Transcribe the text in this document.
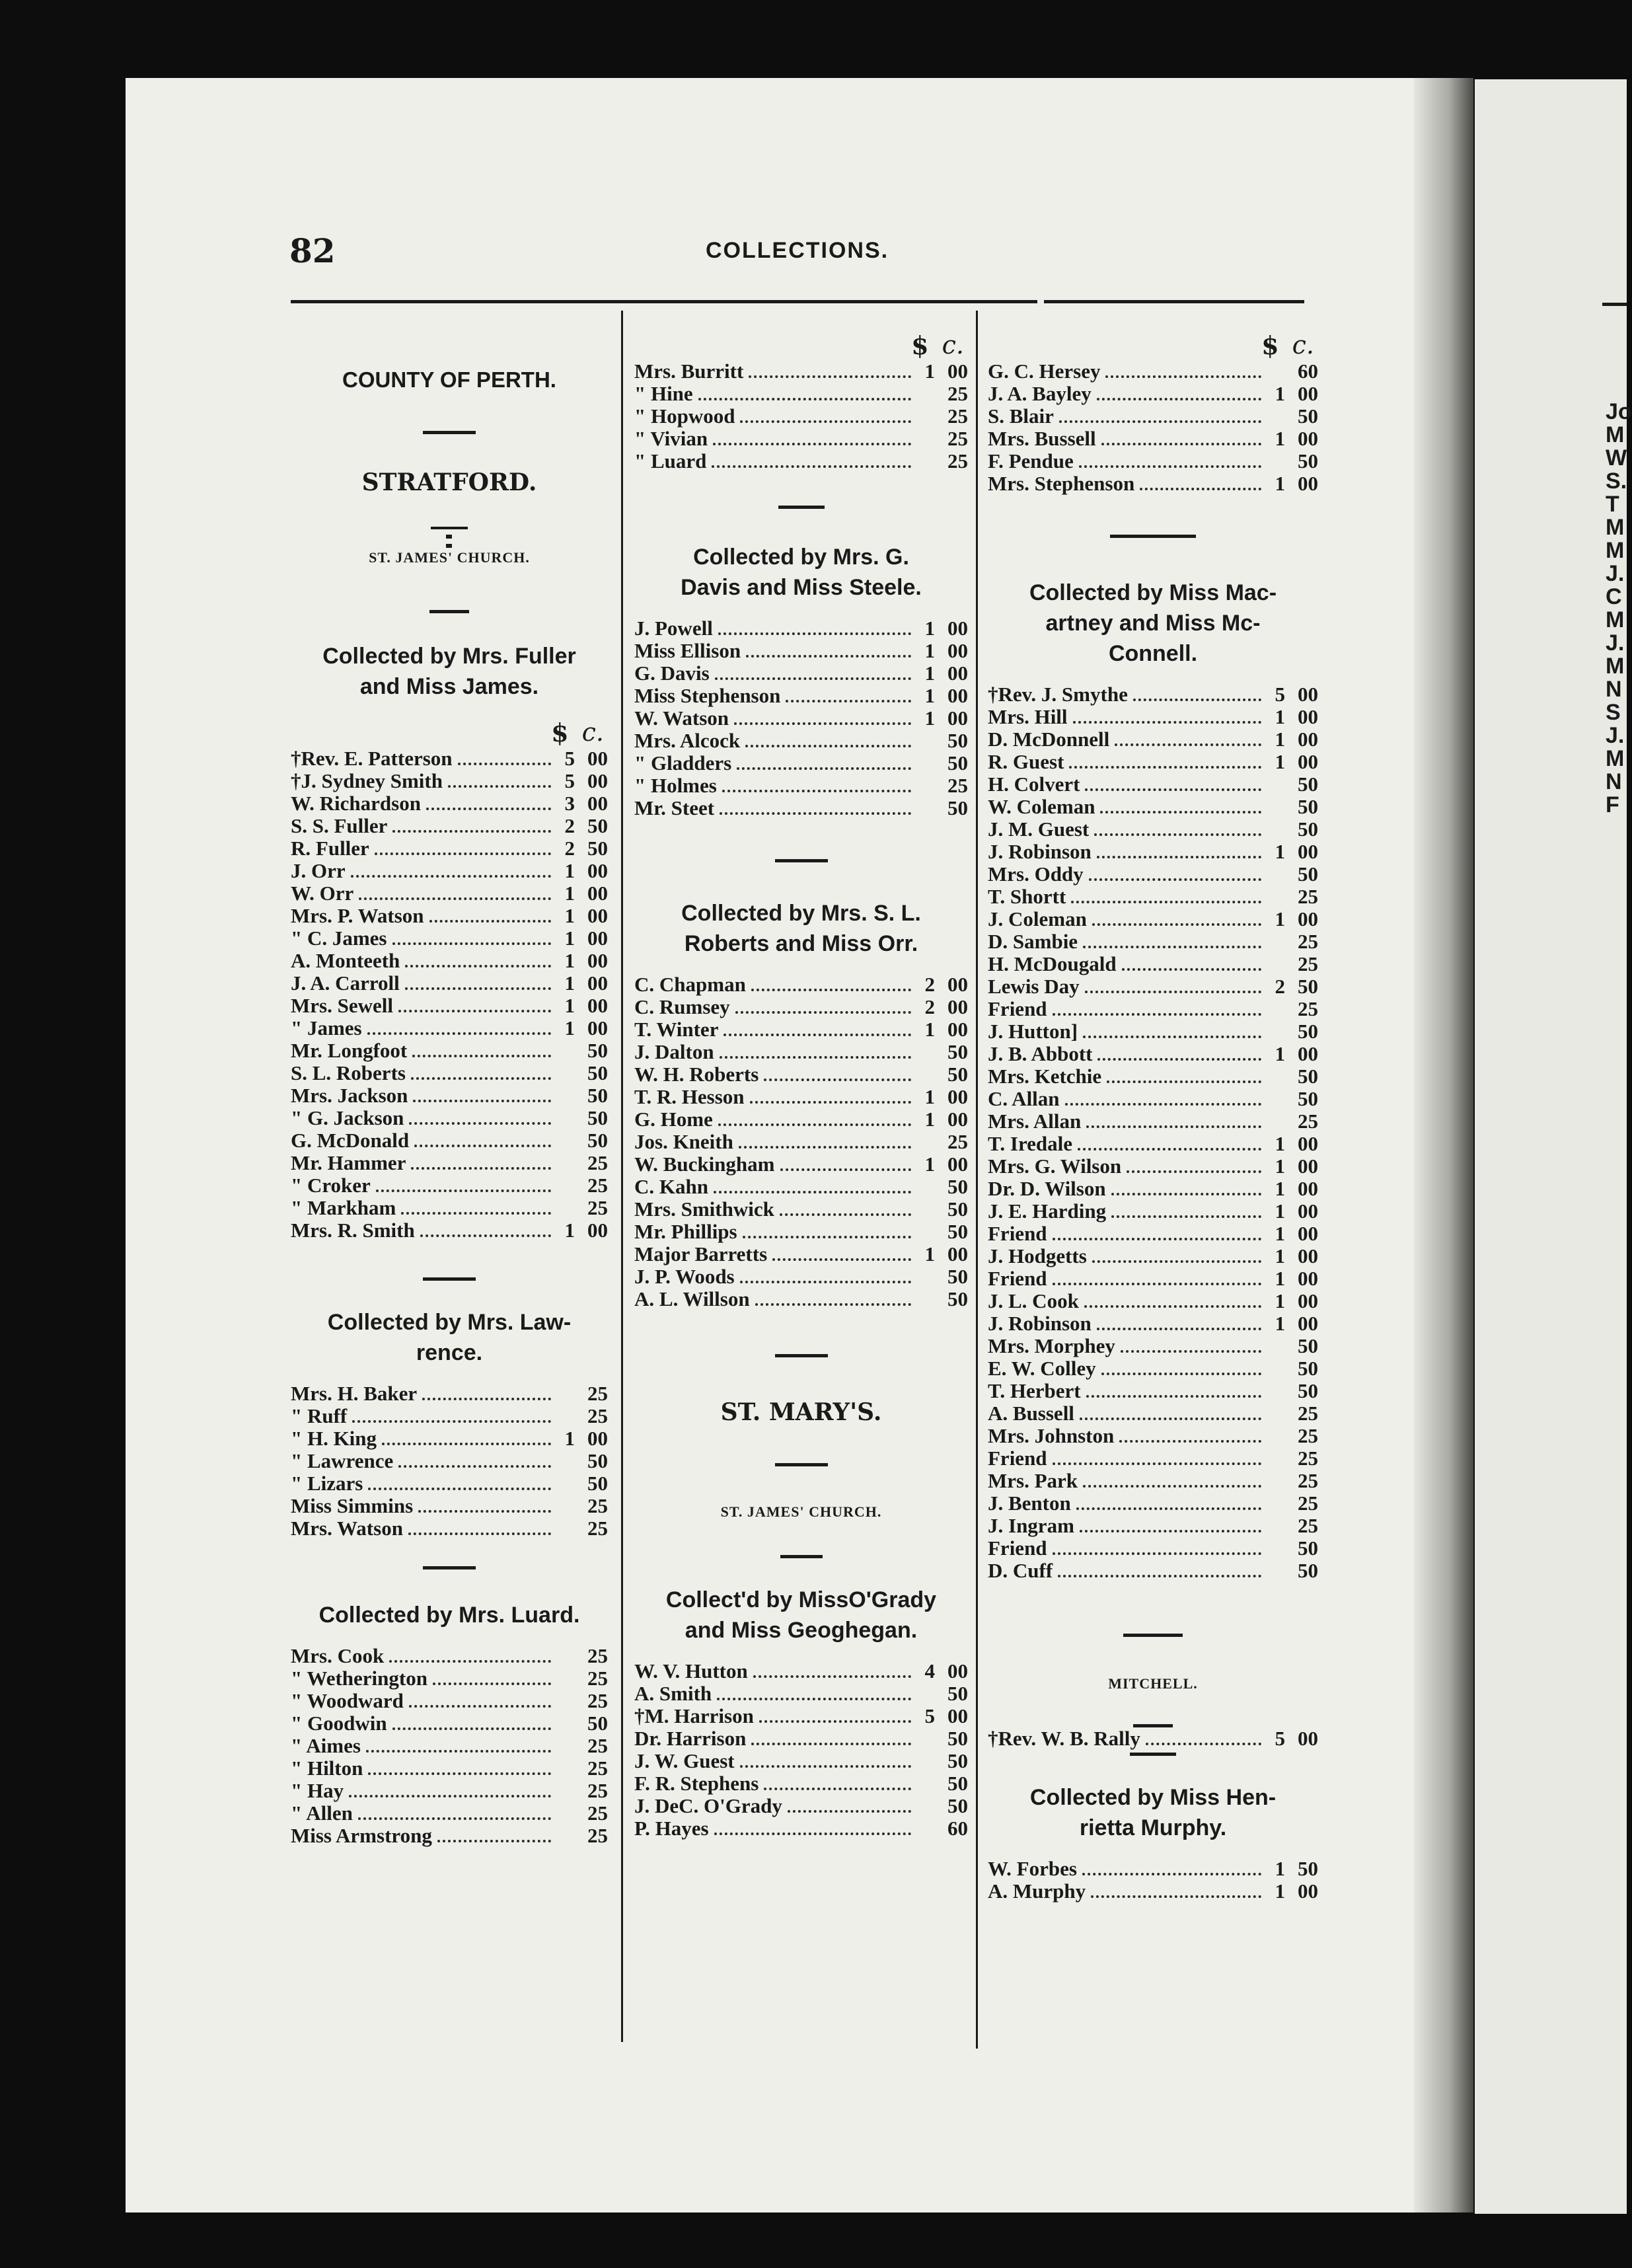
Jo
M
W
S.
T
M
M
J.
C
M
J.
M
N
S
J.
M
N
F

82	COLLECTIONS.

COUNTY OF PERTH.

STRATFORD.

ST. JAMES' CHURCH.

Collected by Mrs. Fuller

and Miss James.

$ c.
†Rev. E. Patterson	5 00
†J. Sydney Smith	5 00
W. Richardson	3 00
S. S. Fuller	2 50
R. Fuller	2 50
J. Orr	1 00
W. Orr	1 00
Mrs. P. Watson	1 00
" C. James	1 00
A. Monteeth	1 00
J. A. Carroll	1 00
Mrs. Sewell	1 00
" James	1 00
Mr. Longfoot	50
S. L. Roberts	50
Mrs. Jackson	50
" G. Jackson	50
G. McDonald	50
Mr. Hammer	25
" Croker	25
" Markham	25
Mrs. R. Smith	1 00

Collected by Mrs. Law-

rence.

Mrs. H. Baker	25
" Ruff	25
" H. King	1 00
" Lawrence	50
" Lizars	50
Miss Simmins	25
Mrs. Watson	25

Collected by Mrs. Luard.

Mrs. Cook	25
" Wetherington	25
" Woodward	25
" Goodwin	50
" Aimes	25
" Hilton	25
" Hay	25
" Allen	25
Miss Armstrong	25
$ c.
Mrs. Burritt	1 00
" Hine	25
" Hopwood	25
" Vivian	25
" Luard	25

Collected by Mrs. G.

Davis and Miss Steele.

J. Powell	1 00
Miss Ellison	1 00
G. Davis	1 00
Miss Stephenson	1 00
W. Watson	1 00
Mrs. Alcock	50
" Gladders	50
" Holmes	25
Mr. Steet	50

Collected by Mrs. S. L.

Roberts and Miss Orr.

C. Chapman	2 00
C. Rumsey	2 00
T. Winter	1 00
J. Dalton	50
W. H. Roberts	50
T. R. Hesson	1 00
G. Home	1 00
Jos. Kneith	25
W. Buckingham	1 00
C. Kahn	50
Mrs. Smithwick	50
Mr. Phillips	50
Major Barretts	1 00
J. P. Woods	50
A. L. Willson	50

ST. MARY'S.

ST. JAMES' CHURCH.

Collect'd by MissO'Grady

and Miss Geoghegan.

W. V. Hutton	4 00
A. Smith	50
†M. Harrison	5 00
Dr. Harrison	50
J. W. Guest	50
F. R. Stephens	50
J. DeC. O'Grady	50
P. Hayes	60
$ c.
G. C. Hersey	60
J. A. Bayley	1 00
S. Blair	50
Mrs. Bussell	1 00
F. Pendue	50
Mrs. Stephenson	1 00

Collected by Miss Mac-

artney and Miss Mc-

Connell.

†Rev. J. Smythe	5 00
Mrs. Hill	1 00
D. McDonnell	1 00
R. Guest	1 00
H. Colvert	50
W. Coleman	50
J. M. Guest	50
J. Robinson	1 00
Mrs. Oddy	50
T. Shortt	25
J. Coleman	1 00
D. Sambie	25
H. McDougald	25
Lewis Day	2 50
Friend	25
J. Hutton]	50
J. B. Abbott	1 00
Mrs. Ketchie	50
C. Allan	50
Mrs. Allan	25
T. Iredale	1 00
Mrs. G. Wilson	1 00
Dr. D. Wilson	1 00
J. E. Harding	1 00
Friend	1 00
J. Hodgetts	1 00
Friend	1 00
J. L. Cook	1 00
J. Robinson	1 00
Mrs. Morphey	50
E. W. Colley	50
T. Herbert	50
A. Bussell	25
Mrs. Johnston	25
Friend	25
Mrs. Park	25
J. Benton	25
J. Ingram	25
Friend	50
D. Cuff	50

MITCHELL.

†Rev. W. B. Rally	5 00

Collected by Miss Hen-

rietta Murphy.

W. Forbes	1 50
A. Murphy	1 00
